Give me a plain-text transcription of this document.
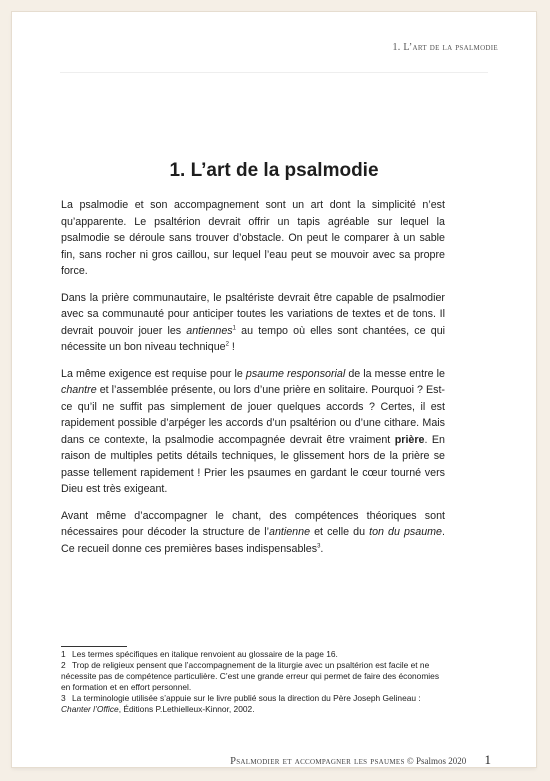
1. L’art de la psalmodie
1. L’art de la psalmodie

La psalmodie et son accompagnement sont un art dont la simplicité n’est qu’apparente. Le psaltérion devrait offrir un tapis agréable sur lequel la psalmodie se déroule sans trouver d’obstacle. On peut le comparer à un sable fin, sans rocher ni gros caillou, sur lequel l’eau peut se mouvoir avec sa propre force.

Dans la prière communautaire, le psaltériste devrait être capable de psalmodier avec sa communauté pour anticiper toutes les variations de textes et de tons. Il devrait pouvoir jouer les antiennes$^1$ au tempo où elles sont chantées, ce qui nécessite un bon niveau technique$^2$ !

La même exigence est requise pour le psaume responsorial de la messe entre le chantre et l’assemblée présente, ou lors d’une prière en solitaire. Pourquoi ? Est-ce qu’il ne suffit pas simplement de jouer quelques accords ? Certes, il est rapidement possible d’arpéger les accords d’un psaltérion ou d’une cithare. Mais dans ce contexte, la psalmodie accompagnée devrait être vraiment prière. En raison de multiples petits détails techniques, le glissement hors de la prière se passe tellement rapidement ! Prier les psaumes en gardant le cœur tourné vers Dieu est très exigeant.

Avant même d’accompagner le chant, des compétences théoriques sont nécessaires pour décoder la structure de l’antienne et celle du ton du psaume. Ce recueil donne ces premières bases indispensables$^3$.

1 Les termes spécifiques en italique renvoient au glossaire de la page 16.

2 Trop de religieux pensent que l’accompagnement de la liturgie avec un psaltérion est facile et ne nécessite pas de compétence particulière. C’est une grande erreur qui permet de faire des économies en formation et en effort personnel.

3 La terminologie utilisée s’appuie sur le livre publié sous la direction du Père Joseph Gelineau : Chanter l’Office, Éditions P.Lethielleux-Kinnor, 2002.

Psalmodier et accompagner les psaumes © Psalmos 2020 1
